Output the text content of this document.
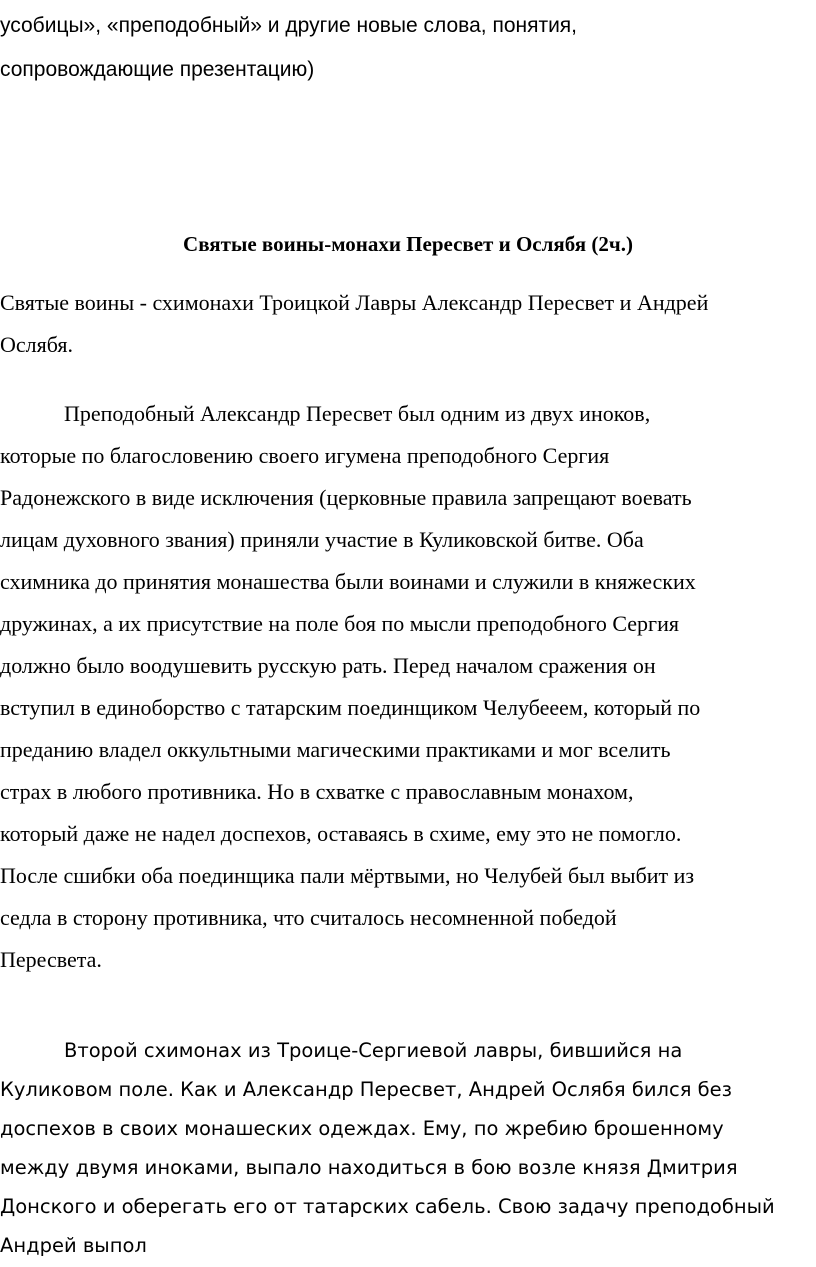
усобицы», «преподобный» и другие новые слова, понятия,
сопровождающие презентацию)
Святые воины-монахи Пересвет и Ослябя (2ч.)
Святые воины - схимонахи Троицкой Лавры Александр Пересвет и Андрей
Ослябя.
Преподобный Александр Пересвет был одним из двух иноков,
которые по благословению своего игумена преподобного Сергия
Радонежского в виде исключения (церковные правила запрещают воевать
лицам духовного звания) приняли участие в Куликовской битве. Оба
схимника до принятия монашества были воинами и служили в княжеских
дружинах, а их присутствие на поле боя по мысли преподобного Сергия
должно было воодушевить русскую рать. Перед началом сражения он
вступил в единоборство с татарским поединщиком Челубееем, который по
преданию владел оккультными магическими практиками и мог вселить
страх в любого противника. Но в схватке с православным монахом,
который даже не надел доспехов, оставаясь в схиме, ему это не помогло.
После сшибки оба поединщика пали мёртвыми, но Челубей был выбит из
седла в сторону противника, что считалось несомненной победой
Пересвета.
Второй схимонах из Троице-Сергиевой лавры, бившийся на
Куликовом поле. Как и Александр Пересвет, Андрей Ослябя бился без
доспехов в своих монашеских одеждах. Ему, по жребию брошенному
между двумя иноками, выпало находиться в бою возле князя Дмитрия
Донского и оберегать его от татарских сабель. Свою задачу преподобный
Андрей выпол
